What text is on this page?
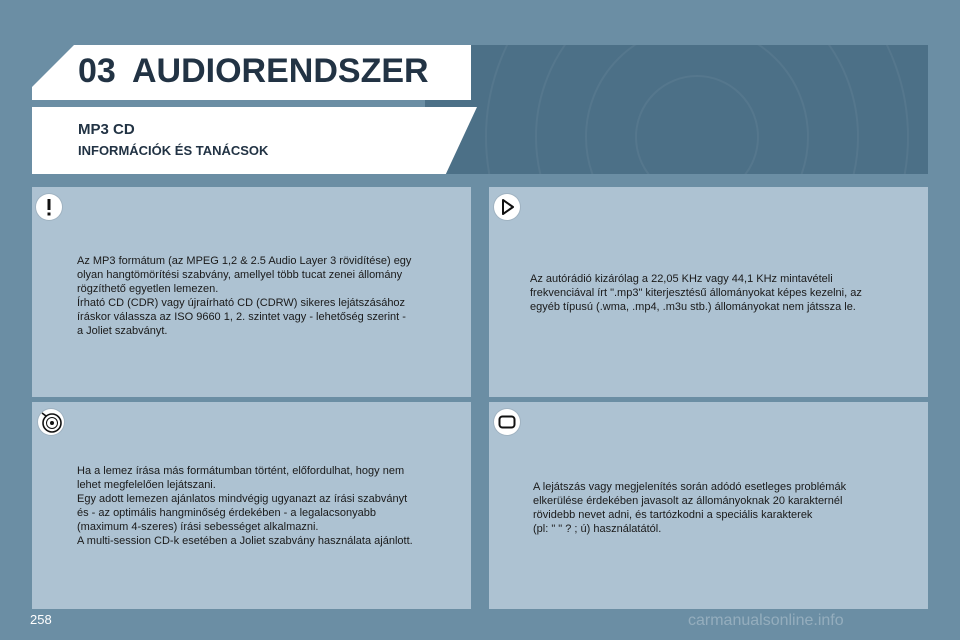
03 AUDIORENDSZER
MP3 CD
INFORMÁCIÓK ÉS TANÁCSOK
Az MP3 formátum (az MPEG 1,2 & 2.5 Audio Layer 3 rövidítése) egy
olyan hangtömörítési szabvány, amellyel több tucat zenei állomány
rögzíthető egyetlen lemezen.
Írható CD (CDR) vagy újraírható CD (CDRW) sikeres lejátszásához
íráskor válassza az ISO 9660 1, 2. szintet vagy - lehetőség szerint -
a Joliet szabványt.
Az autórádió kizárólag a 22,05 KHz vagy 44,1 KHz mintavételi
frekvenciával írt ".mp3" kiterjesztésű állományokat képes kezelni, az
egyéb típusú (.wma, .mp4, .m3u stb.) állományokat nem játssza le.
Ha a lemez írása más formátumban történt, előfordulhat, hogy nem
lehet megfelelően lejátszani.
Egy adott lemezen ajánlatos mindvégig ugyanazt az írási szabványt
és - az optimális hangminőség érdekében - a legalacsonyabb
(maximum 4-szeres) írási sebességet alkalmazni.
A multi-session CD-k esetében a Joliet szabvány használata ajánlott.
A lejátszás vagy megjelenítés során adódó esetleges problémák
elkerülése érdekében javasolt az állományoknak 20 karakternél
rövidebb nevet adni, és tartózkodni a speciális karakterek
(pl: " " ? ; ú) használatától.
258	carmanualsonline.info
